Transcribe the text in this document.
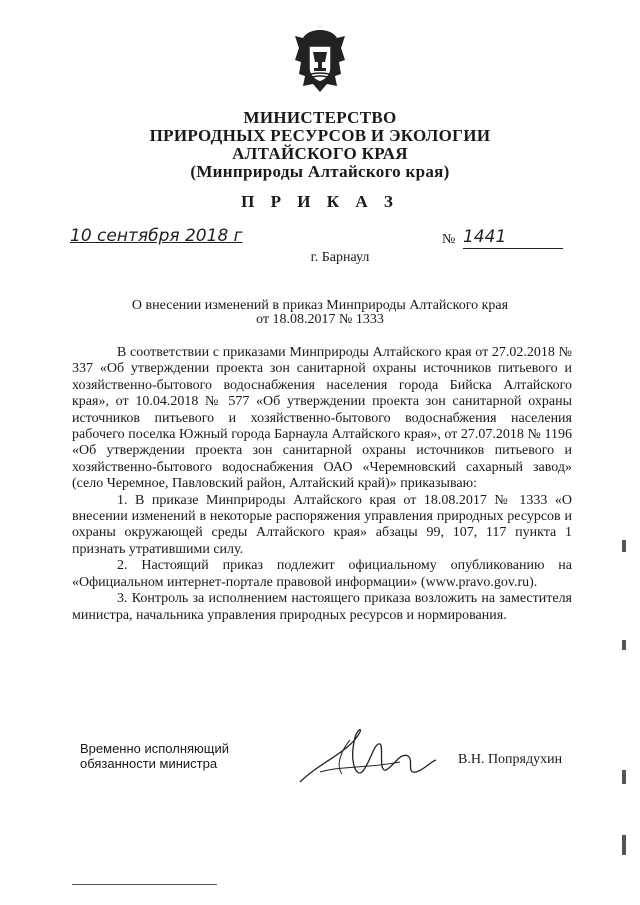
МИНИСТЕРСТВО
ПРИРОДНЫХ РЕСУРСОВ И ЭКОЛОГИИ
АЛТАЙСКОГО КРАЯ
(Минприроды Алтайского края)
П Р И К А З
10 сентября 2018 г	№ 1441
г. Барнаул
О внесении изменений в приказ Минприроды Алтайского края
от 18.08.2017 № 1333

В соответствии с приказами Минприроды Алтайского края от 27.02.2018 № 337 «Об утверждении проекта зон санитарной охраны источников питьевого и хозяйственно-бытового водоснабжения населения города Бийска Алтайского края», от 10.04.2018 № 577 «Об утверждении проекта зон санитарной охраны источников питьевого и хозяйственно-бытового водоснабжения населения рабочего поселка Южный города Барнаула Алтайского края», от 27.07.2018 № 1196 «Об утверждении проекта зон санитарной охраны источников питьевого и хозяйственно-бытового водоснабжения ОАО «Черемновский сахарный завод» (село Черемное, Павловский район, Алтайский край)» приказываю:

1. В приказе Минприроды Алтайского края от 18.08.2017 № 1333 «О внесении изменений в некоторые распоряжения управления природных ресурсов и охраны окружающей среды Алтайского края» абзацы 99, 107, 117 пункта 1 признать утратившими силу.

2. Настоящий приказ подлежит официальному опубликованию на «Официальном интернет-портале правовой информации» (www.pravo.gov.ru).

3. Контроль за исполнением настоящего приказа возложить на заместителя министра, начальника управления природных ресурсов и нормирования.

Временно исполняющий
обязанности министра	В.Н. Попрядухин
